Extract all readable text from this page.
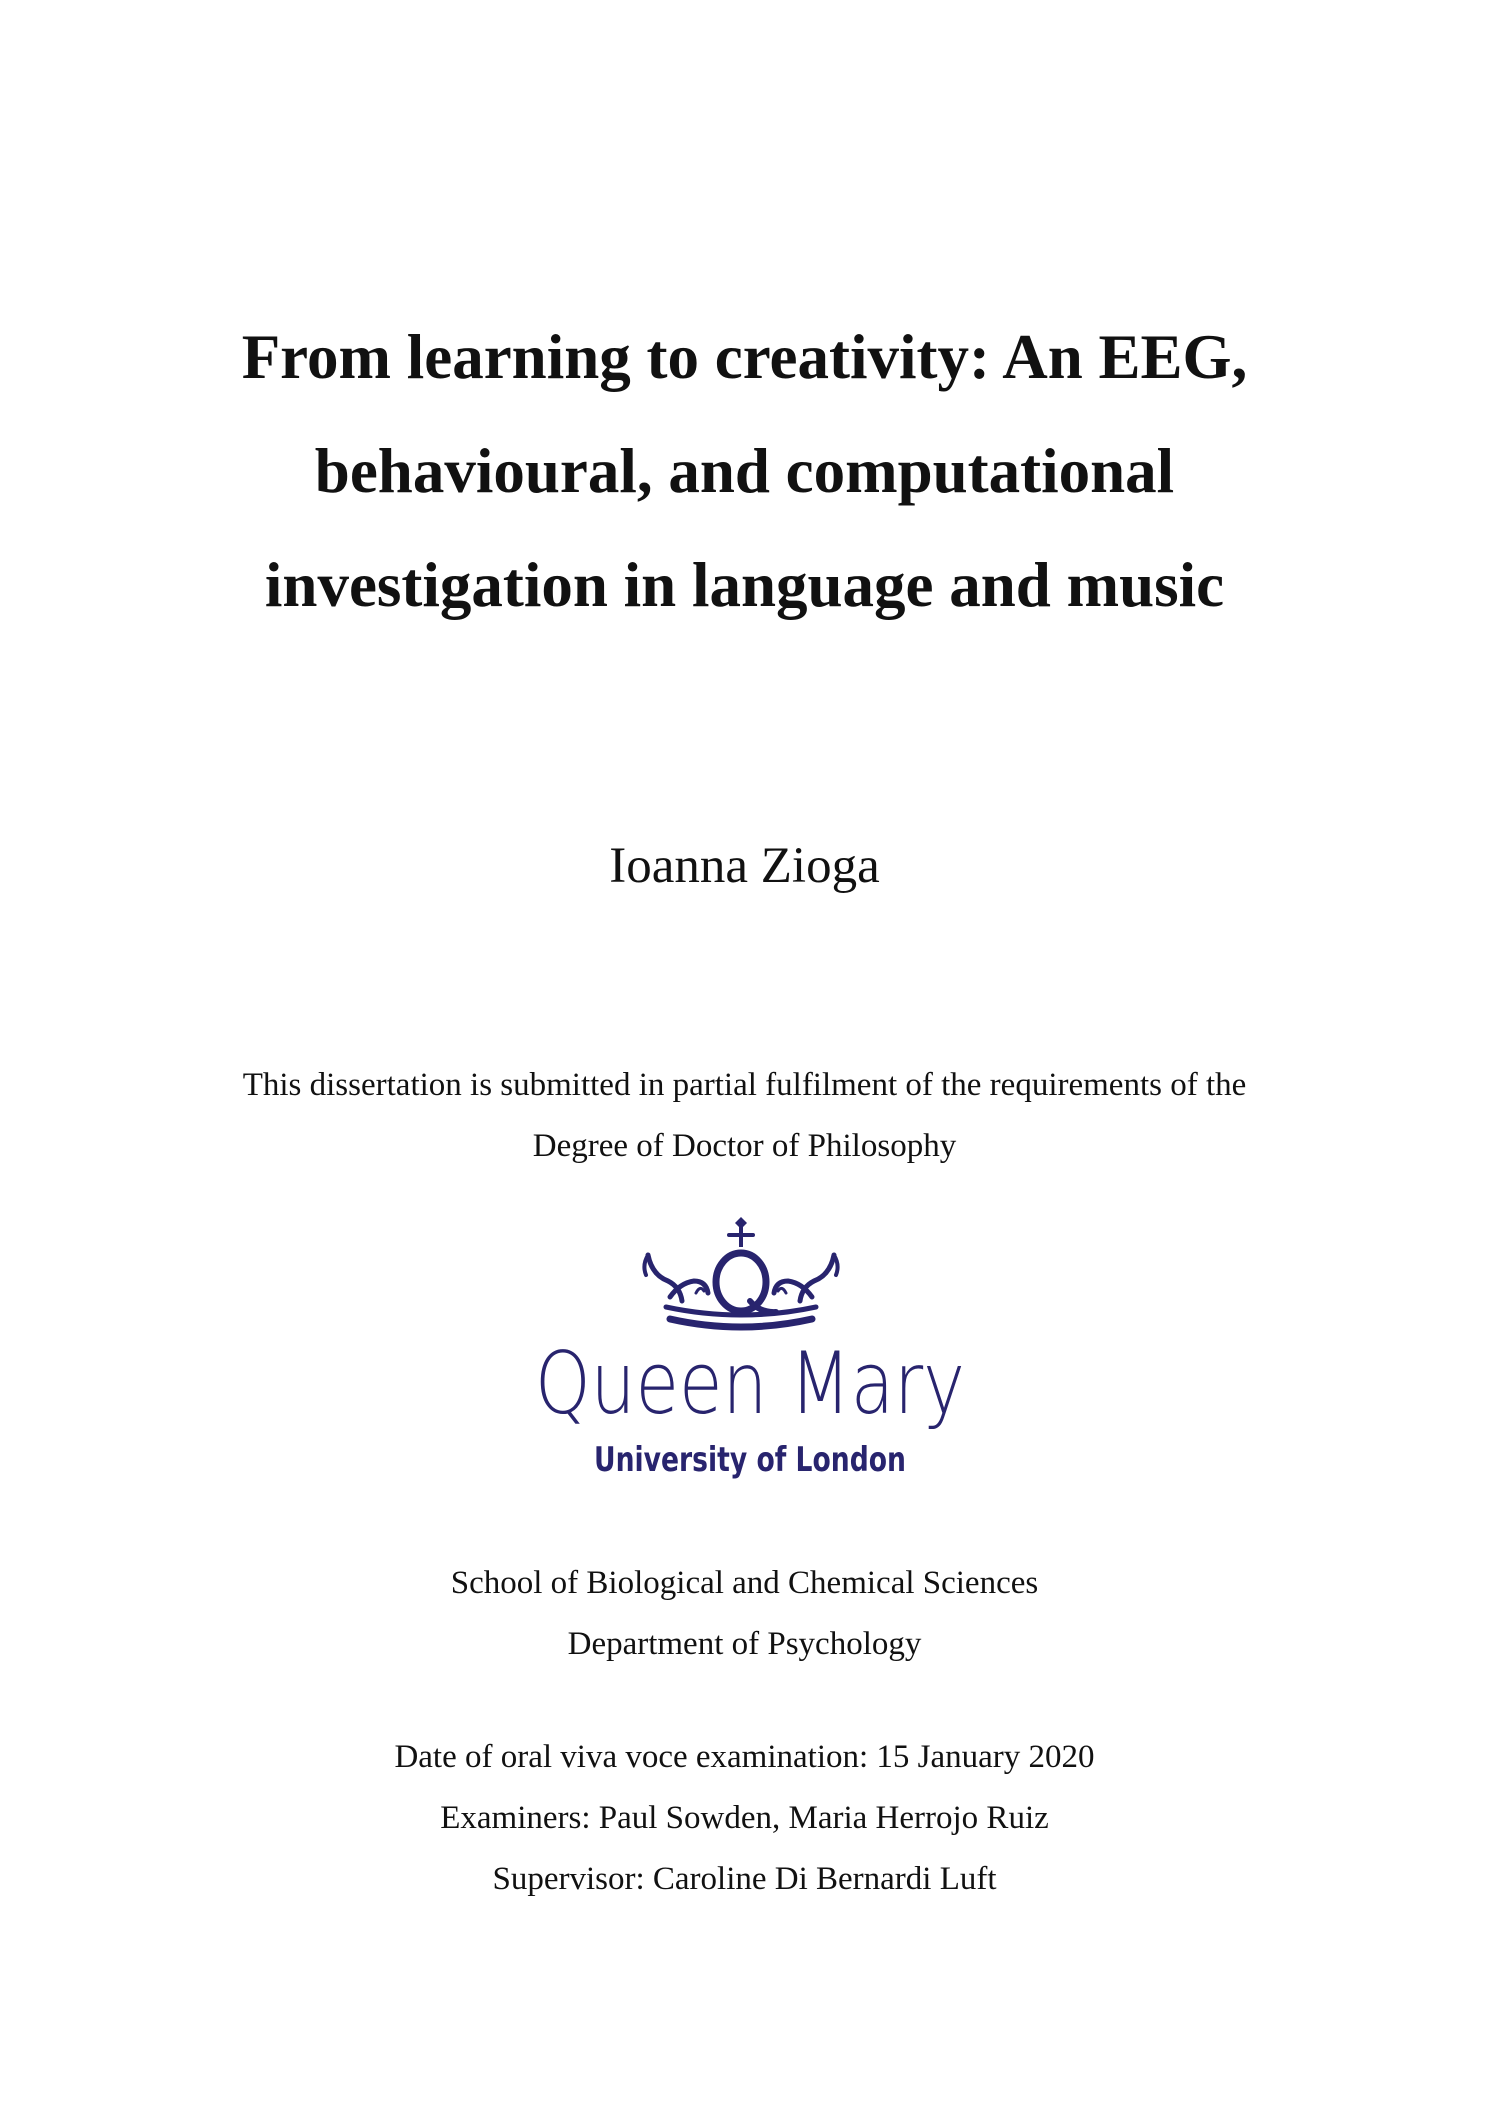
From learning to creativity: An EEG,
behavioural, and computational
investigation in language and music
Ioanna Zioga
This dissertation is submitted in partial fulfilment of the requirements of the
Degree of Doctor of Philosophy
Queen Mary
University of London
School of Biological and Chemical Sciences
Department of Psychology
Date of oral viva voce examination: 15 January 2020
Examiners: Paul Sowden, Maria Herrojo Ruiz
Supervisor: Caroline Di Bernardi Luft
